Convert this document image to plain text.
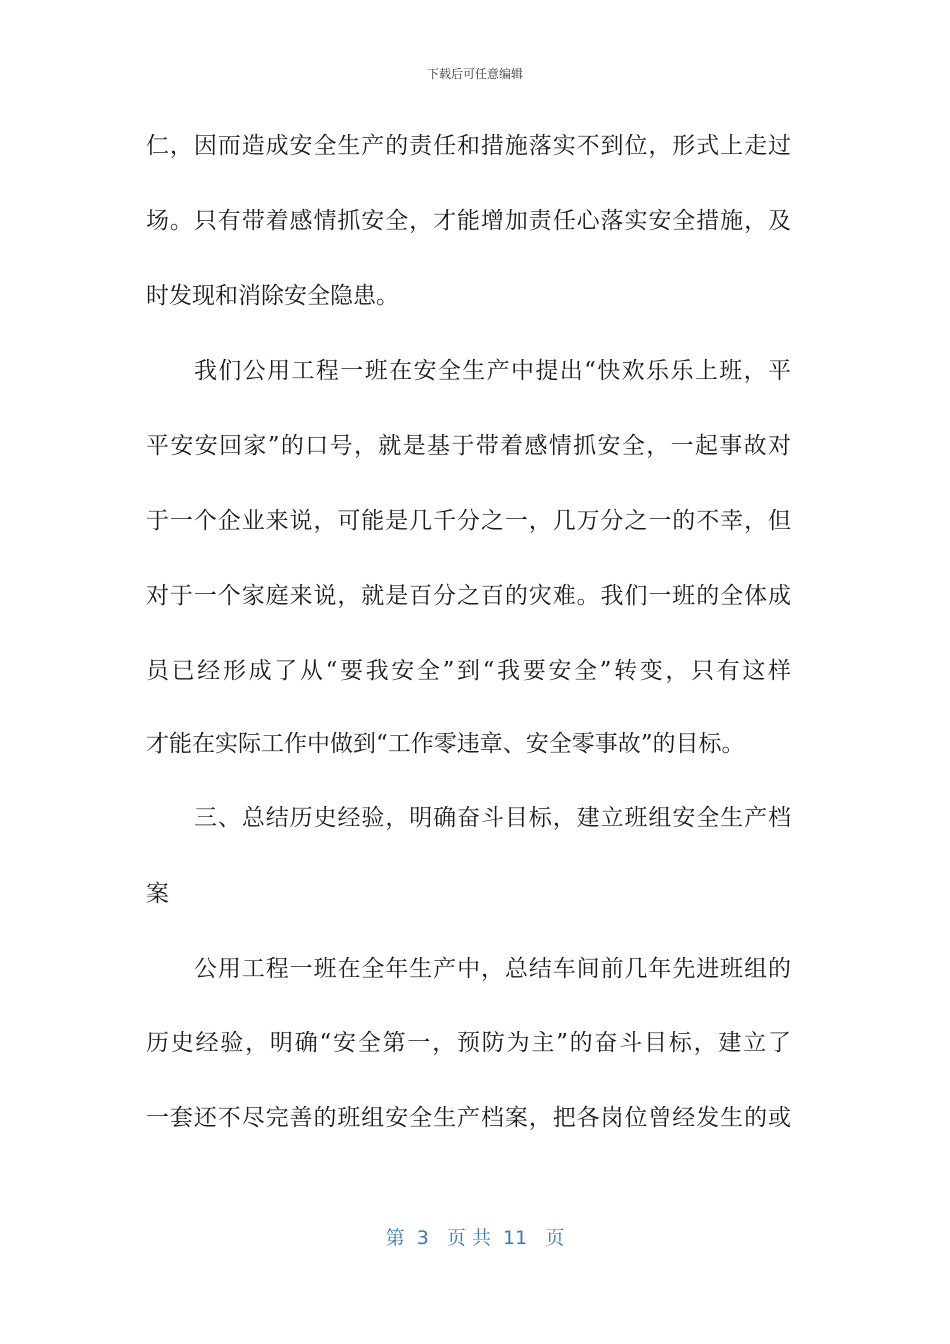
下载后可任意编辑
仁，因而造成安全生产的责任和措施落实不到位，形式上走过
场。只有带着感情抓安全，才能增加责任心落实安全措施，及
时发现和消除安全隐患。
我们公用工程一班在安全生产中提出“快欢乐乐上班，平
平安安回家”的口号，就是基于带着感情抓安全，一起事故对
于一个企业来说，可能是几千分之一，几万分之一的不幸，但
对于一个家庭来说，就是百分之百的灾难。我们一班的全体成
员已经形成了从“要我安全”到“我要安全”转变，只有这样
才能在实际工作中做到“工作零违章、安全零事故”的目标。
三、总结历史经验，明确奋斗目标，建立班组安全生产档
案
公用工程一班在全年生产中，总结车间前几年先进班组的
历史经验，明确“安全第一，预防为主”的奋斗目标，建立了
一套还不尽完善的班组安全生产档案，把各岗位曾经发生的或
第  3   页 共  11   页
